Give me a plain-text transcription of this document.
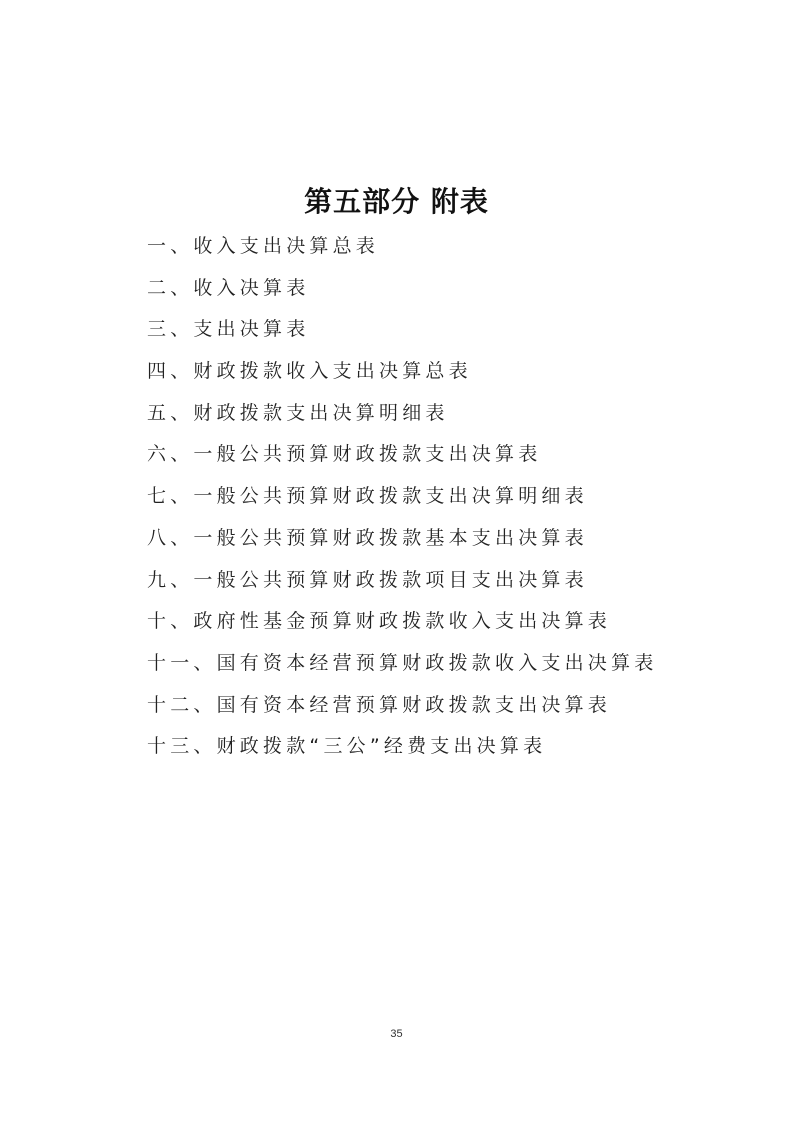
第五部分 附表
一、收入支出决算总表
二、收入决算表
三、支出决算表
四、财政拨款收入支出决算总表
五、财政拨款支出决算明细表
六、一般公共预算财政拨款支出决算表
七、一般公共预算财政拨款支出决算明细表
八、一般公共预算财政拨款基本支出决算表
九、一般公共预算财政拨款项目支出决算表
十、政府性基金预算财政拨款收入支出决算表
十一、国有资本经营预算财政拨款收入支出决算表
十二、国有资本经营预算财政拨款支出决算表
十三、财政拨款“三公”经费支出决算表
35
